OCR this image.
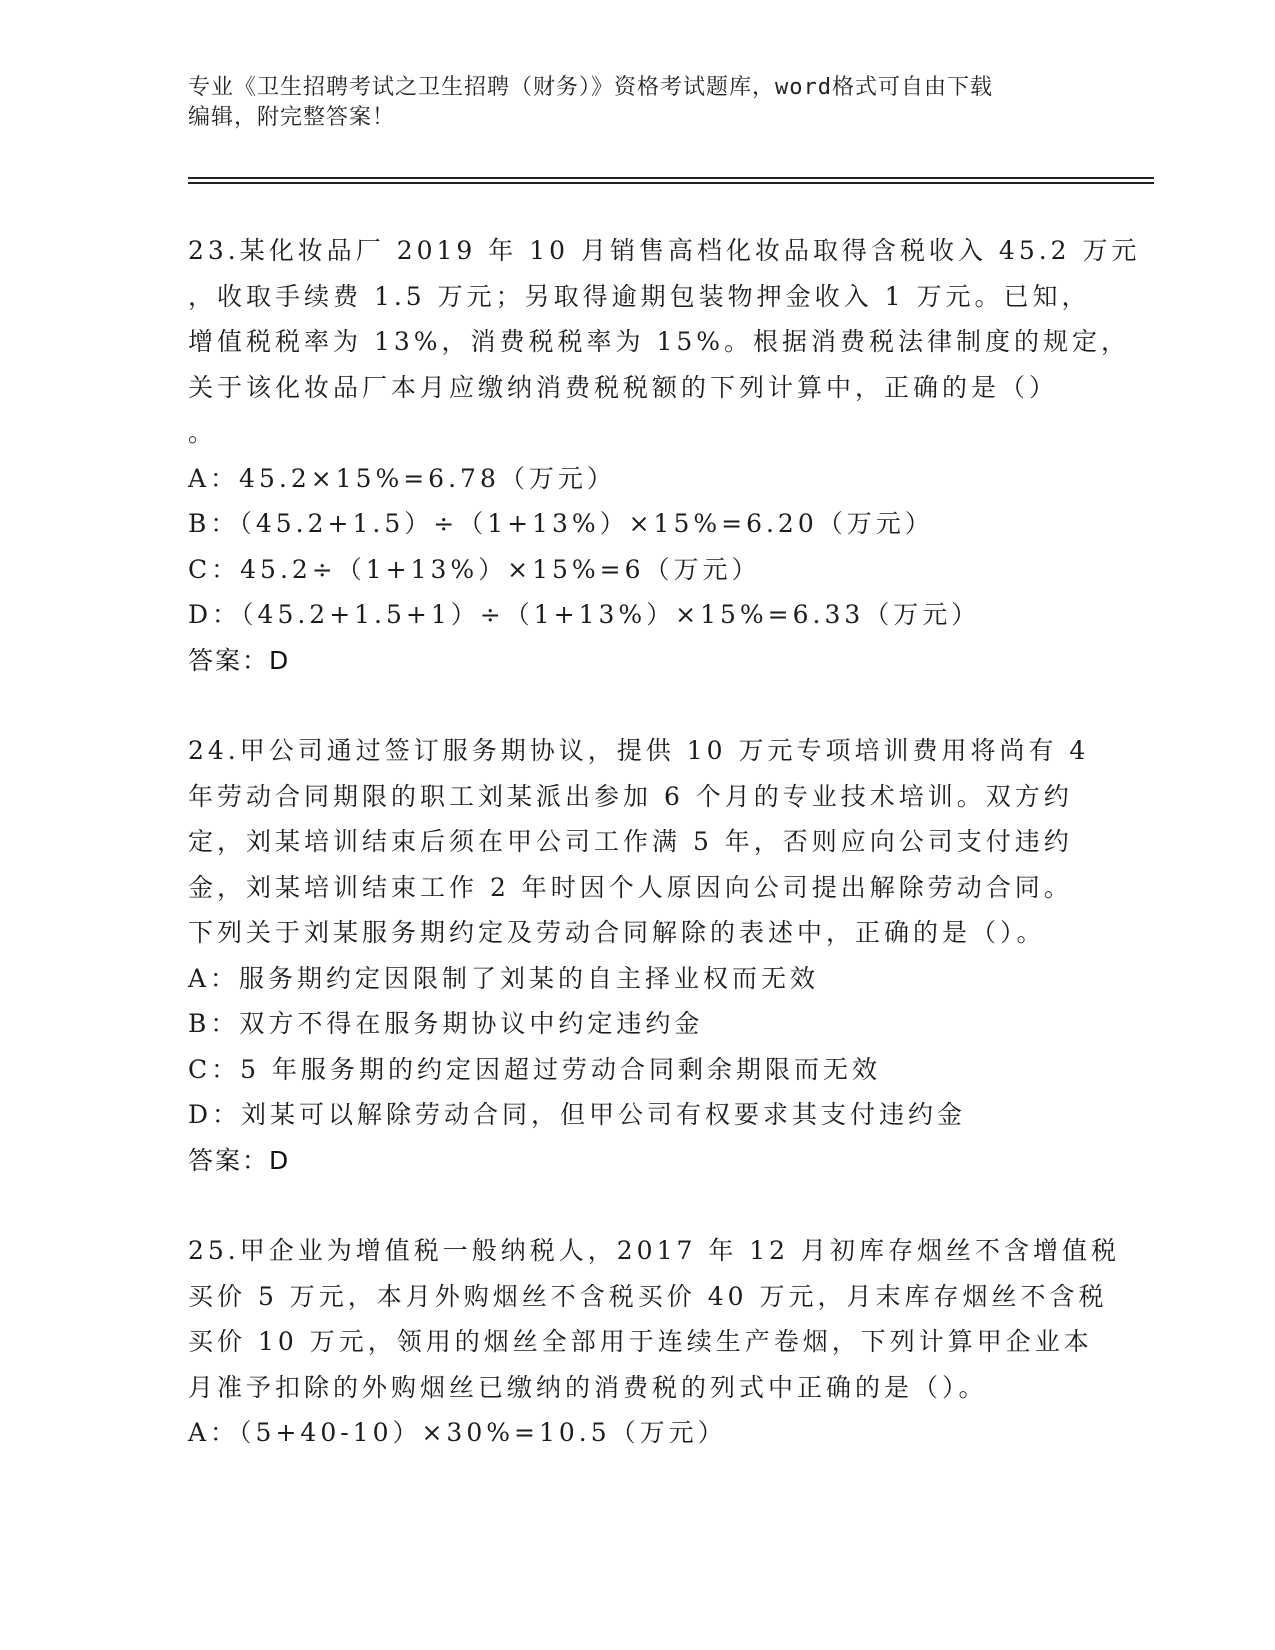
专业《卫生招聘考试之卫生招聘（财务）》资格考试题库，word格式可自由下载
编辑，附完整答案！
23.某化妆品厂 2019 年 10 月销售高档化妆品取得含税收入 45.2 万元
，收取手续费 1.5 万元；另取得逾期包装物押金收入 1 万元。已知，
增值税税率为 13%，消费税税率为 15%。根据消费税法律制度的规定，
关于该化妆品厂本月应缴纳消费税税额的下列计算中，正确的是（）
。
A：45.2×15%=6.78（万元）
B：（45.2+1.5）÷（1+13%）×15%=6.20（万元）
C：45.2÷（1+13%）×15%=6（万元）
D：（45.2+1.5+1）÷（1+13%）×15%=6.33（万元）
答案：D
24.甲公司通过签订服务期协议，提供 10 万元专项培训费用将尚有 4
年劳动合同期限的职工刘某派出参加 6 个月的专业技术培训。双方约
定，刘某培训结束后须在甲公司工作满 5 年，否则应向公司支付违约
金，刘某培训结束工作 2 年时因个人原因向公司提出解除劳动合同。
下列关于刘某服务期约定及劳动合同解除的表述中，正确的是（）。
A：服务期约定因限制了刘某的自主择业权而无效
B：双方不得在服务期协议中约定违约金
C：5 年服务期的约定因超过劳动合同剩余期限而无效
D：刘某可以解除劳动合同，但甲公司有权要求其支付违约金
答案：D
25.甲企业为增值税一般纳税人，2017 年 12 月初库存烟丝不含增值税
买价 5 万元，本月外购烟丝不含税买价 40 万元，月末库存烟丝不含税
买价 10 万元，领用的烟丝全部用于连续生产卷烟，下列计算甲企业本
月准予扣除的外购烟丝已缴纳的消费税的列式中正确的是（）。
A：（5+40-10）×30%=10.5（万元）
